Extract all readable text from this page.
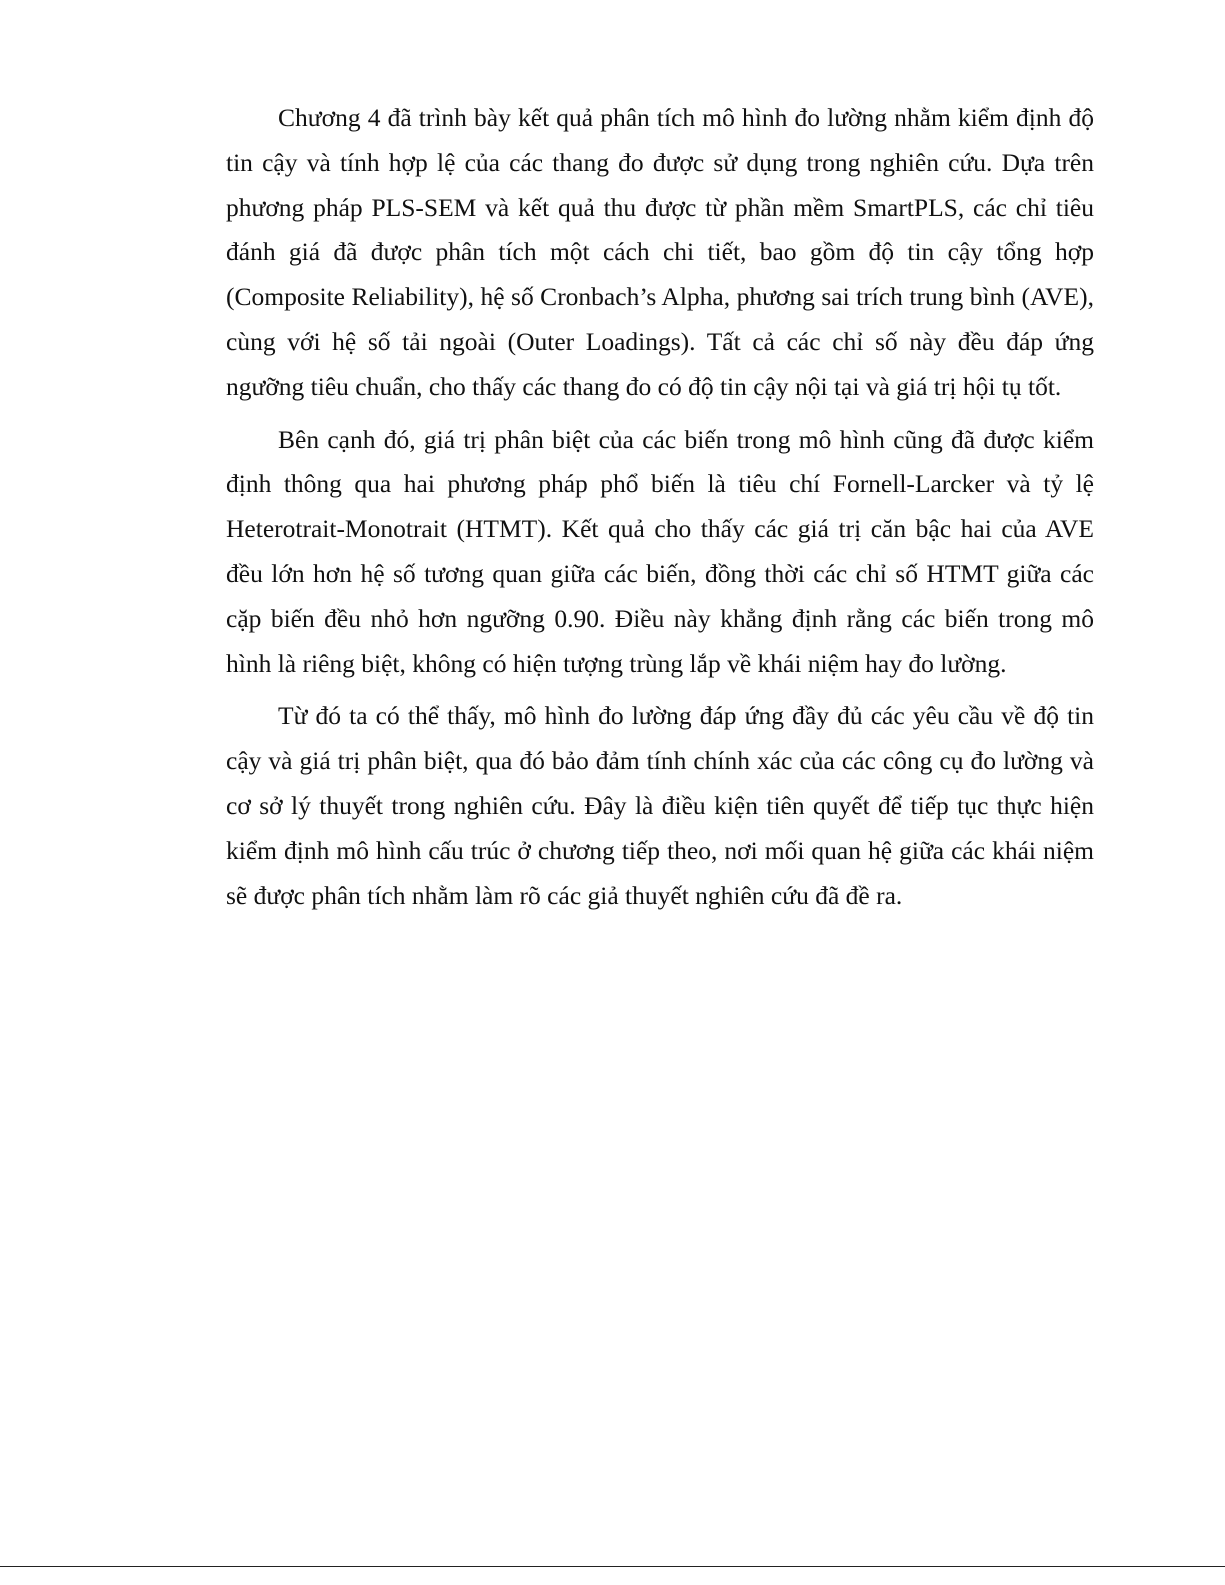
Chương 4 đã trình bày kết quả phân tích mô hình đo lường nhằm kiểm định độ tin cậy và tính hợp lệ của các thang đo được sử dụng trong nghiên cứu. Dựa trên phương pháp PLS-SEM và kết quả thu được từ phần mềm SmartPLS, các chỉ tiêu đánh giá đã được phân tích một cách chi tiết, bao gồm độ tin cậy tổng hợp (Composite Reliability), hệ số Cronbach’s Alpha, phương sai trích trung bình (AVE), cùng với hệ số tải ngoài (Outer Loadings). Tất cả các chỉ số này đều đáp ứng ngưỡng tiêu chuẩn, cho thấy các thang đo có độ tin cậy nội tại và giá trị hội tụ tốt.

Bên cạnh đó, giá trị phân biệt của các biến trong mô hình cũng đã được kiểm định thông qua hai phương pháp phổ biến là tiêu chí Fornell-Larcker và tỷ lệ Heterotrait-Monotrait (HTMT). Kết quả cho thấy các giá trị căn bậc hai của AVE đều lớn hơn hệ số tương quan giữa các biến, đồng thời các chỉ số HTMT giữa các cặp biến đều nhỏ hơn ngưỡng 0.90. Điều này khẳng định rằng các biến trong mô hình là riêng biệt, không có hiện tượng trùng lắp về khái niệm hay đo lường.

Từ đó ta có thể thấy, mô hình đo lường đáp ứng đầy đủ các yêu cầu về độ tin cậy và giá trị phân biệt, qua đó bảo đảm tính chính xác của các công cụ đo lường và cơ sở lý thuyết trong nghiên cứu. Đây là điều kiện tiên quyết để tiếp tục thực hiện kiểm định mô hình cấu trúc ở chương tiếp theo, nơi mối quan hệ giữa các khái niệm sẽ được phân tích nhằm làm rõ các giả thuyết nghiên cứu đã đề ra.
